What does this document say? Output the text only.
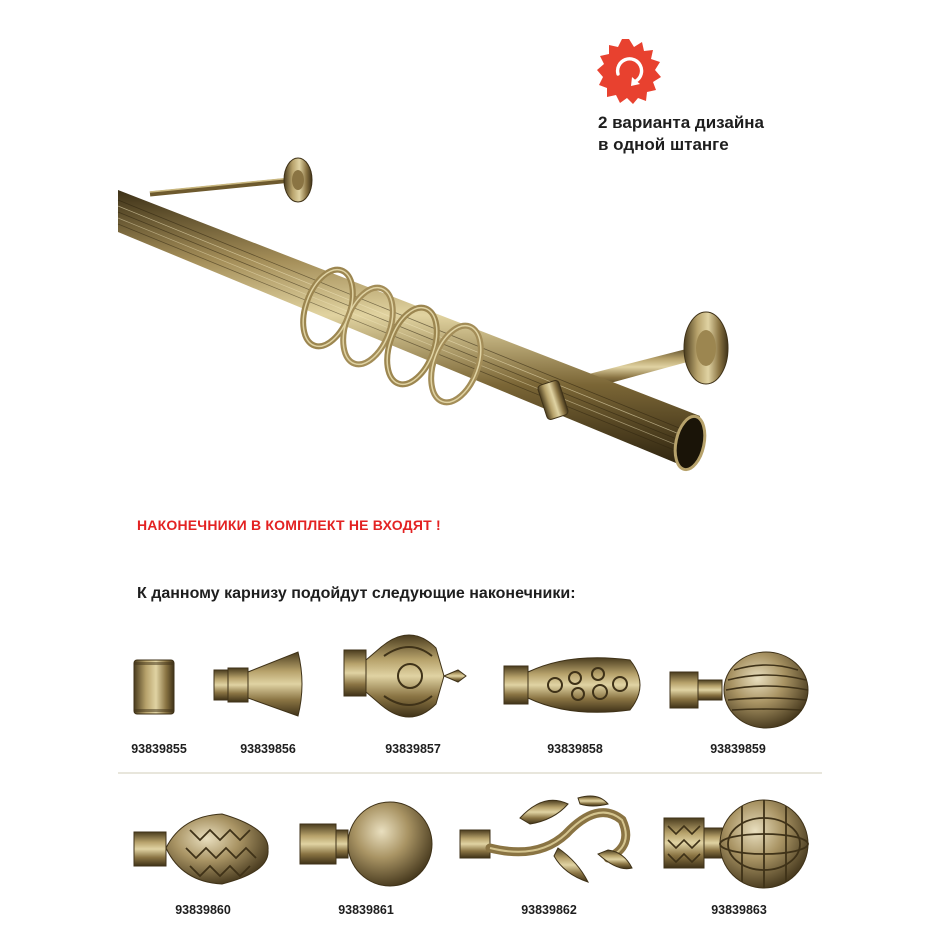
2 варианта дизайна
в одной штанге
НАКОНЕЧНИКИ В КОМПЛЕКТ НЕ ВХОДЯТ !
К данному карнизу подойдут следующие наконечники:
93839855	93839856	93839857	93839858	93839859
93839860	93839861	93839862	93839863
